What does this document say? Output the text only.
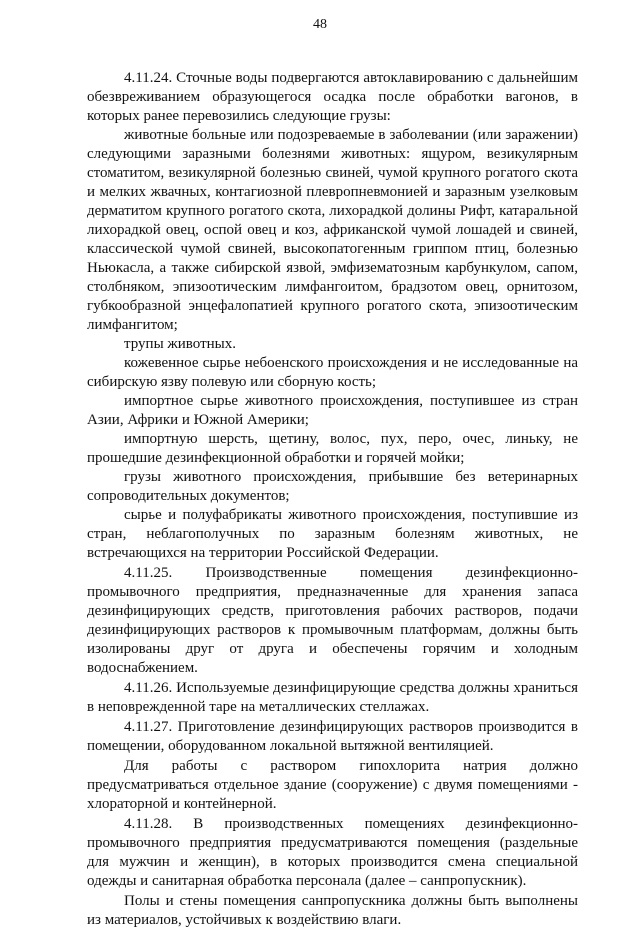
48

4.11.24. Сточные воды подвергаются автоклавированию с дальнейшим обезвреживанием образующегося осадка после обработки вагонов, в которых ранее перевозились следующие грузы:

животные больные или подозреваемые в заболевании (или заражении) следующими заразными болезнями животных: ящуром, везикулярным стоматитом, везикулярной болезнью свиней, чумой крупного рогатого скота и мелких жвачных, контагиозной плевропневмонией и заразным узелковым дерматитом крупного рогатого скота, лихорадкой долины Рифт, катаральной лихорадкой овец, оспой овец и коз, африканской чумой лошадей и свиней, классической чумой свиней, высокопатогенным гриппом птиц, болезнью Ньюкасла, а также сибирской язвой, эмфизематозным карбункулом, сапом, столбняком, эпизоотическим лимфангоитом, брадзотом овец, орнитозом, губкообразной энцефалопатией крупного рогатого скота, эпизоотическим лимфангитом;

трупы животных.

кожевенное сырье небоенского происхождения и не исследованные на сибирскую язву полевую или сборную кость;

импортное сырье животного происхождения, поступившее из стран Азии, Африки и Южной Америки;

импортную шерсть, щетину, волос, пух, перо, очес, линьку, не прошедшие дезинфекционной обработки и горячей мойки;

грузы животного происхождения, прибывшие без ветеринарных сопроводительных документов;

сырье и полуфабрикаты животного происхождения, поступившие из стран, неблагополучных по заразным болезням животных, не встречающихся на территории Российской Федерации.

4.11.25. Производственные помещения дезинфекционно-промывочного предприятия, предназначенные для хранения запаса дезинфицирующих средств, приготовления рабочих растворов, подачи дезинфицирующих растворов к промывочным платформам, должны быть изолированы друг от друга и обеспечены горячим и холодным водоснабжением.

4.11.26. Используемые дезинфицирующие средства должны храниться в неповрежденной таре на металлических стеллажах.

4.11.27. Приготовление дезинфицирующих растворов производится в помещении, оборудованном локальной вытяжной вентиляцией.

Для работы с раствором гипохлорита натрия должно предусматриваться отдельное здание (сооружение) с двумя помещениями - хлораторной и контейнерной.

4.11.28. В производственных помещениях дезинфекционно-промывочного предприятия предусматриваются помещения (раздельные для мужчин и женщин), в которых производится смена специальной одежды и санитарная обработка персонала (далее – санпропускник).

Полы и стены помещения санпропускника должны быть выполнены из материалов, устойчивых к воздействию влаги.
